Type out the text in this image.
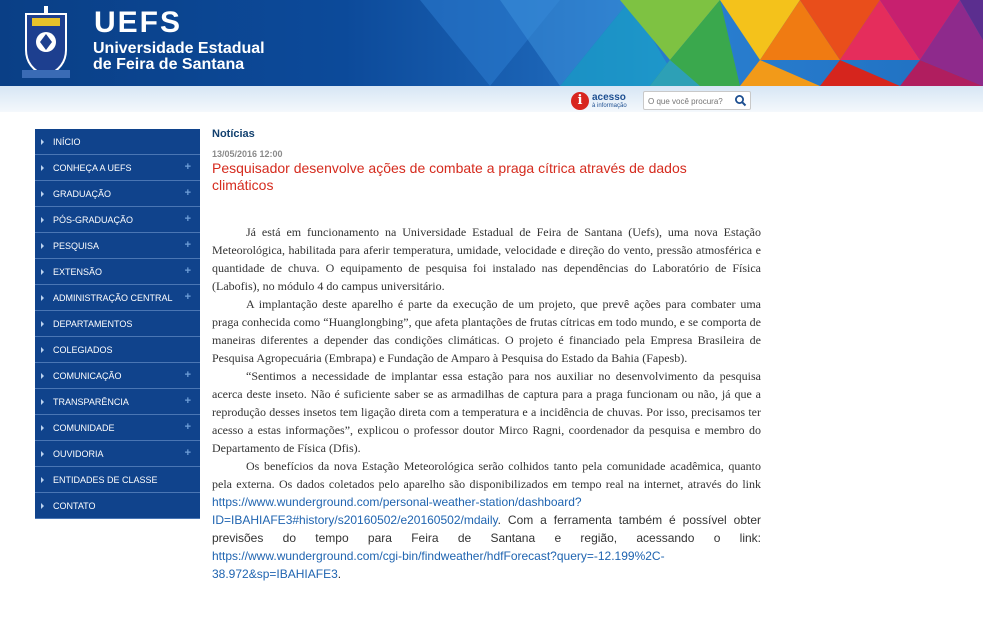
UEFS
Universidade Estadual
de Feira de Santana
i acesso
à informação
O que você procura?
INÍCIO
CONHEÇA A UEFS	+
GRADUAÇÃO	+
PÓS-GRADUAÇÃO	+
PESQUISA	+
EXTENSÃO	+
ADMINISTRAÇÃO CENTRAL +
DEPARTAMENTOS
COLEGIADOS
COMUNICAÇÃO	+
TRANSPARÊNCIA	+
COMUNIDADE	+
OUVIDORIA	+
ENTIDADES DE CLASSE
CONTATO
Notícias
13/05/2016 12:00
Pesquisador desenvolve ações de combate a praga cítrica através de dados climáticos

Já está em funcionamento na Universidade Estadual de Feira de Santana (Uefs), uma nova Estação Meteorológica, habilitada para aferir temperatura, umidade, velocidade e direção do vento, pressão atmosférica e quantidade de chuva. O equipamento de pesquisa foi instalado nas dependências do Laboratório de Física (Labofis), no módulo 4 do campus universitário.

A implantação deste aparelho é parte da execução de um projeto, que prevê ações para combater uma praga conhecida como “Huanglongbing”, que afeta plantações de frutas cítricas em todo mundo, e se comporta de maneiras diferentes a depender das condições climáticas. O projeto é financiado pela Empresa Brasileira de Pesquisa Agropecuária (Embrapa) e Fundação de Amparo à Pesquisa do Estado da Bahia (Fapesb).

“Sentimos a necessidade de implantar essa estação para nos auxiliar no desenvolvimento da pesquisa acerca deste inseto. Não é suficiente saber se as armadilhas de captura para a praga funcionam ou não, já que a reprodução desses insetos tem ligação direta com a temperatura e a incidência de chuvas. Por isso, precisamos ter acesso a estas informações”, explicou o professor doutor Mirco Ragni, coordenador da pesquisa e membro do Departamento de Física (Dfis).

Os benefícios da nova Estação Meteorológica serão colhidos tanto pela comunidade acadêmica, quanto pela externa. Os dados coletados pelo aparelho são disponibilizados em tempo real na internet, através do link https://www.wunderground.com/personal-weather-station/dashboard?ID=IBAHIAFE3#history/s20160502/e20160502/mdaily. Com a ferramenta também é possível obter previsões do tempo para Feira de Santana e região, acessando o link: https://www.wunderground.com/cgi-bin/findweather/hdfForecast?query=-12.199%2C-38.972&sp=IBAHIAFE3.
